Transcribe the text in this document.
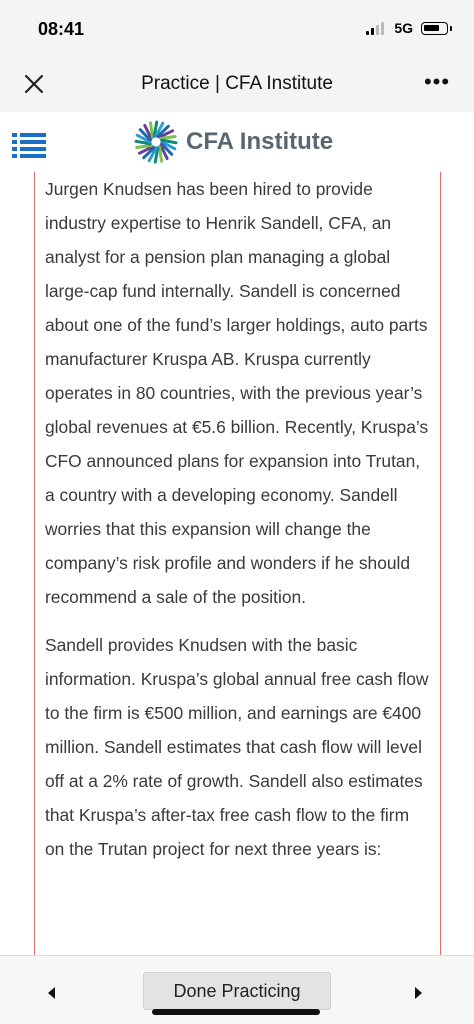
08:41	5G
Practice | CFA Institute	•••
CFA Institute

Jurgen Knudsen has been hired to provide industry expertise to Henrik Sandell, CFA, an analyst for a pension plan managing a global large-cap fund internally. Sandell is concerned about one of the fund’s larger holdings, auto parts manufacturer Kruspa AB. Kruspa currently operates in 80 countries, with the previous year’s global revenues at €5.6 billion. Recently, Kruspa’s CFO announced plans for expansion into Trutan, a country with a developing economy. Sandell worries that this expansion will change the company’s risk profile and wonders if he should recommend a sale of the position.

Sandell provides Knudsen with the basic information. Kruspa’s global annual free cash flow to the firm is €500 million, and earnings are €400 million. Sandell estimates that cash flow will level off at a 2% rate of growth. Sandell also estimates that Kruspa’s after-tax free cash flow to the firm on the Trutan project for next three years is:

Done Practicing
